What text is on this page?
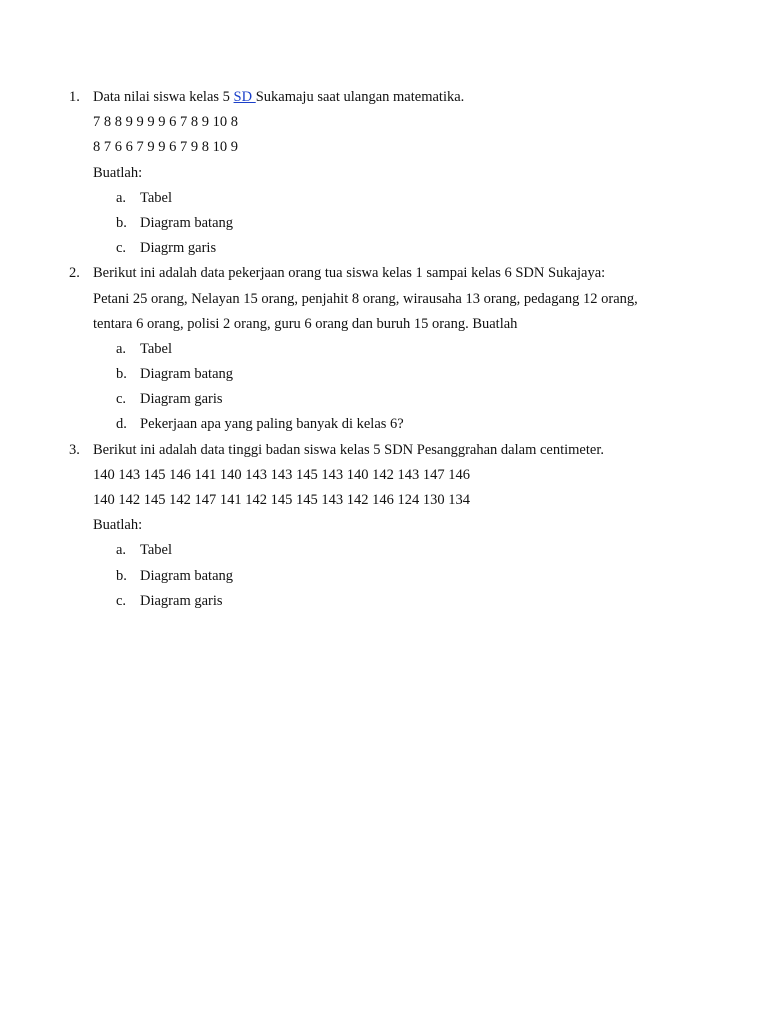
1. Data nilai siswa kelas 5 SD Sukamaju saat ulangan matematika.
7 8 8 9 9 9 9 6 7 8 9 10 8
8 7 6 6 7 9 9 6 7 9 8 10 9
Buatlah:
a. Tabel
b. Diagram batang
c. Diagrm garis
2. Berikut ini adalah data pekerjaan orang tua siswa kelas 1 sampai kelas 6 SDN Sukajaya:
Petani 25 orang, Nelayan 15 orang, penjahit 8 orang, wirausaha 13 orang, pedagang 12 orang,
tentara 6 orang, polisi 2 orang, guru 6 orang dan buruh 15 orang. Buatlah
a. Tabel
b. Diagram batang
c. Diagram garis
d. Pekerjaan apa yang paling banyak di kelas 6?
3. Berikut ini adalah data tinggi badan siswa kelas 5 SDN Pesanggrahan dalam centimeter.
140 143 145 146 141 140 143 143 145 143 140 142 143 147 146
140 142 145 142 147 141 142 145 145 143 142 146 124 130 134
Buatlah:
a. Tabel
b. Diagram batang
c. Diagram garis
